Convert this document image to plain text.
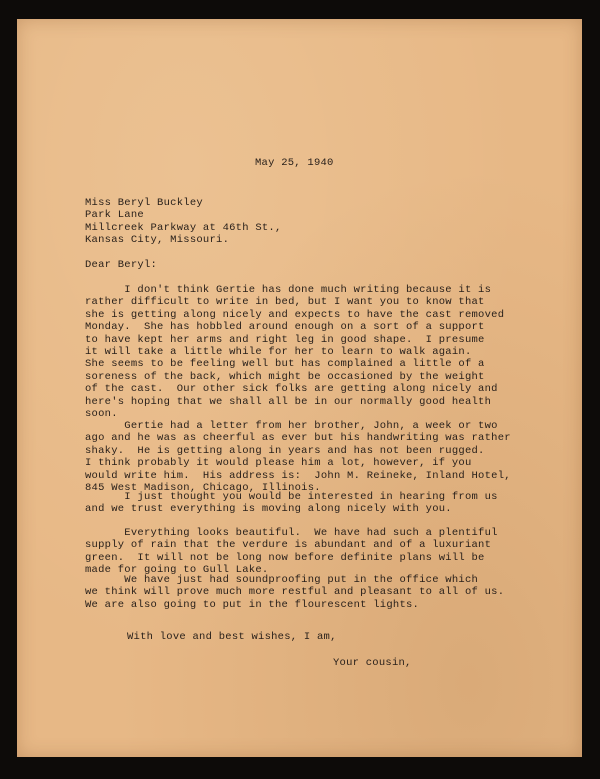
May 25, 1940
Miss Beryl Buckley
Park Lane
Millcreek Parkway at 46th St.,
Kansas City, Missouri.
Dear Beryl:
I don't think Gertie has done much writing because it is
rather difficult to write in bed, but I want you to know that
she is getting along nicely and expects to have the cast removed
Monday.  She has hobbled around enough on a sort of a support
to have kept her arms and right leg in good shape.  I presume
it will take a little while for her to learn to walk again.
She seems to be feeling well but has complained a little of a
soreness of the back, which might be occasioned by the weight
of the cast.  Our other sick folks are getting along nicely and
here's hoping that we shall all be in our normally good health
soon.
Gertie had a letter from her brother, John, a week or two
ago and he was as cheerful as ever but his handwriting was rather
shaky.  He is getting along in years and has not been rugged.
I think probably it would please him a lot, however, if you
would write him.  His address is:  John M. Reineke, Inland Hotel,
845 West Madison, Chicago, Illinois.
I just thought you would be interested in hearing from us
and we trust everything is moving along nicely with you.
Everything looks beautiful.  We have had such a plentiful
supply of rain that the verdure is abundant and of a luxuriant
green.  It will not be long now before definite plans will be
made for going to Gull Lake.
We have just had soundproofing put in the office which
we think will prove much more restful and pleasant to all of us.
We are also going to put in the flourescent lights.
With love and best wishes, I am,
Your cousin,
